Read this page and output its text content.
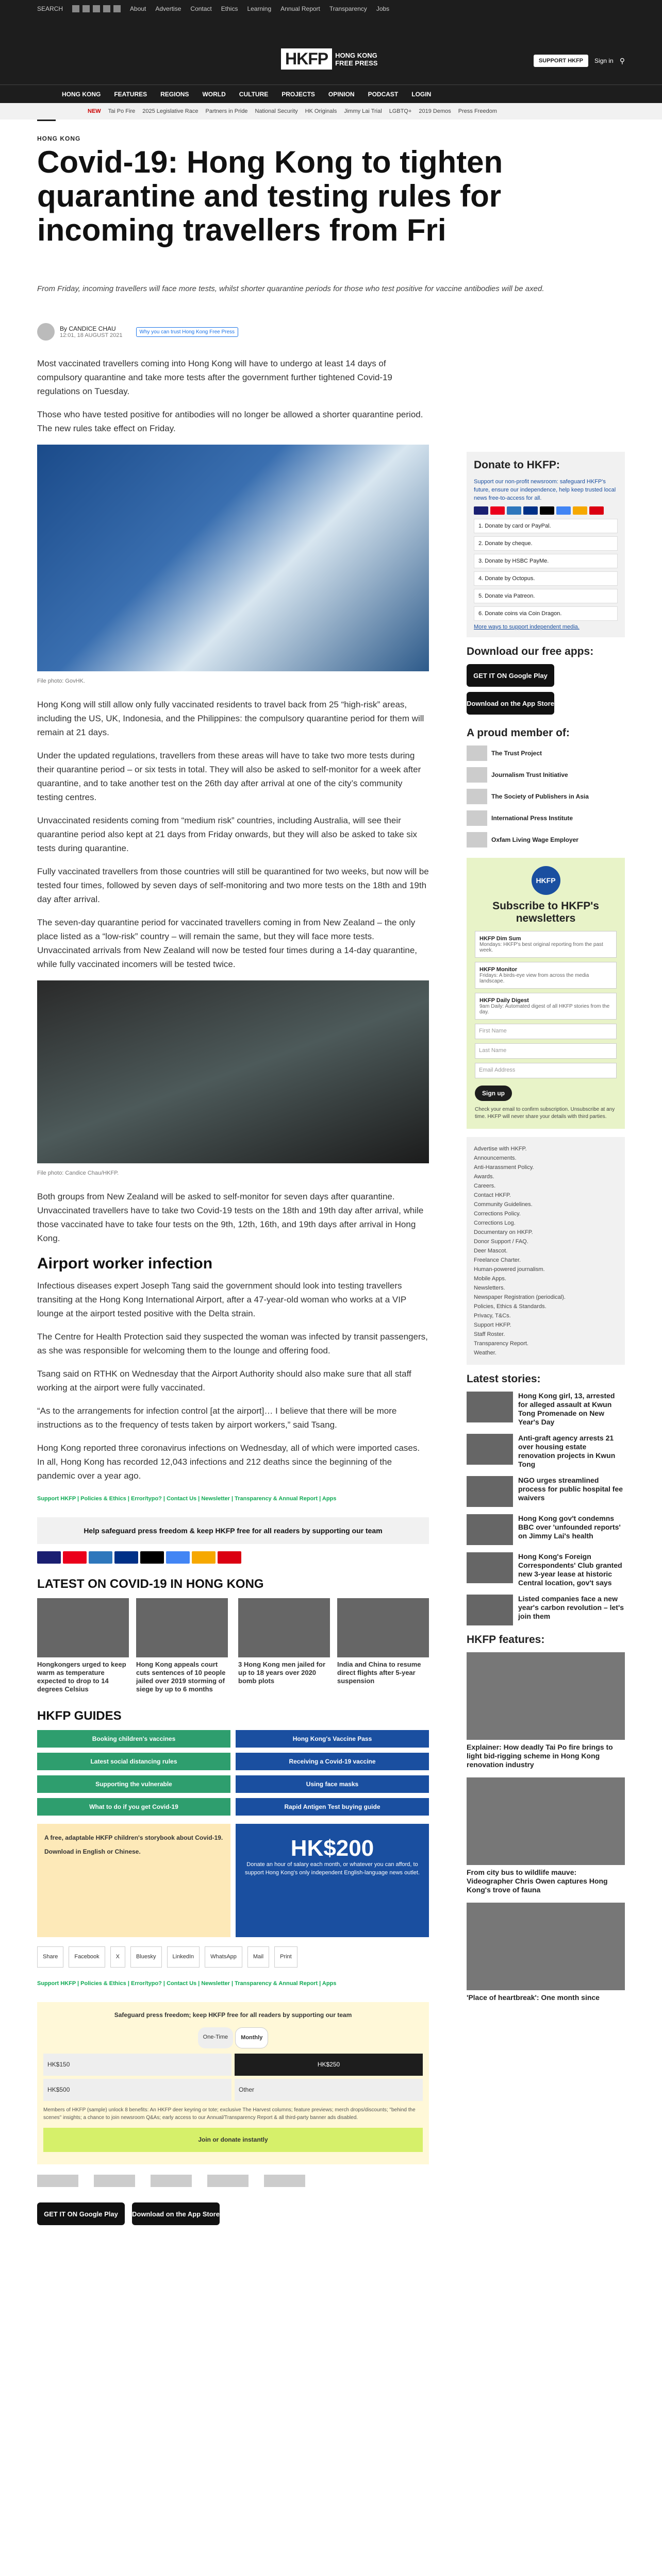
SEARCH	About Advertise Contact Ethics Learning Annual Report Transparency Jobs
HKFP	HONG KONG
FREE PRESS	SUPPORT HKFP	Sign in ⚲
HONG KONG FEATURES REGIONS WORLD CULTURE PROJECTS OPINION PODCAST LOGIN
NEW Tai Po Fire 2025 Legislative Race Partners in Pride National Security HK Originals Jimmy Lai Trial LGBTQ+ 2019 Demos Press Freedom
HONG KONG
Covid-19: Hong Kong to tighten quarantine and testing rules for incoming travellers from Fri
From Friday, incoming travellers will face more tests, whilst shorter quarantine periods for those who test positive for vaccine antibodies will be axed.
By CANDICE CHAU
12:01, 18 AUGUST 2021
Why you can trust Hong Kong Free Press

Most vaccinated travellers coming into Hong Kong will have to undergo at least 14 days of compulsory quarantine and take more tests after the government further tightened Covid-19 regulations on Tuesday.

Those who have tested positive for antibodies will no longer be allowed a shorter quarantine period. The new rules take effect on Friday.

File photo: GovHK.

Hong Kong will still allow only fully vaccinated residents to travel back from 25 “high-risk” areas, including the US, UK, Indonesia, and the Philippines: the compulsory quarantine period for them will remain at 21 days.

Under the updated regulations, travellers from these areas will have to take two more tests during their quarantine period – or six tests in total. They will also be asked to self-monitor for a week after quarantine, and to take another test on the 26th day after arrival at one of the city’s community testing centres.

Unvaccinated residents coming from “medium risk” countries, including Australia, will see their quarantine period also kept at 21 days from Friday onwards, but they will also be asked to take six tests during quarantine.

Fully vaccinated travellers from those countries will still be quarantined for two weeks, but now will be tested four times, followed by seven days of self-monitoring and two more tests on the 18th and 19th day after arrival.

The seven-day quarantine period for vaccinated travellers coming in from New Zealand – the only place listed as a “low-risk” country – will remain the same, but they will face more tests. Unvaccinated arrivals from New Zealand will now be tested four times during a 14-day quarantine, while fully vaccinated incomers will be tested twice.

File photo: Candice Chau/HKFP.

Both groups from New Zealand will be asked to self-monitor for seven days after quarantine. Unvaccinated travellers have to take two Covid-19 tests on the 18th and 19th day after arrival, while those vaccinated have to take four tests on the 9th, 12th, 16th, and 19th days after arrival in Hong Kong.

Airport worker infection

Infectious diseases expert Joseph Tang said the government should look into testing travellers transiting at the Hong Kong International Airport, after a 47-year-old woman who works at a VIP lounge at the airport tested positive with the Delta strain.

The Centre for Health Protection said they suspected the woman was infected by transit passengers, as she was responsible for welcoming them to the lounge and offering food.

Tsang said on RTHK on Wednesday that the Airport Authority should also make sure that all staff working at the airport were fully vaccinated.

“As to the arrangements for infection control [at the airport]… I believe that there will be more instructions as to the frequency of tests taken by airport workers,” said Tsang.

Hong Kong reported three coronavirus infections on Wednesday, all of which were imported cases. In all, Hong Kong has recorded 12,043 infections and 212 deaths since the beginning of the pandemic over a year ago.

Support HKFP | Policies & Ethics | Error/typo? | Contact Us | Newsletter | Transparency & Annual Report | Apps
Help safeguard press freedom & keep HKFP free for all readers by supporting our team
LATEST ON COVID-19 IN HONG KONG
Hongkongers urged to keep warm as temperature expected to drop to 14 degrees Celsius
Hong Kong appeals court cuts sentences of 10 people jailed over 2019 storming of siege by up to 6 months
3 Hong Kong men jailed for up to 18 years over 2020 bomb plots
India and China to resume direct flights after 5-year suspension
HKFP GUIDES
Booking children's vaccines	Hong Kong's Vaccine Pass
Latest social distancing rules	Receiving a Covid-19 vaccine
Supporting the vulnerable	Using face masks
What to do if you get Covid-19	Rapid Antigen Test buying guide
A free, adaptable HKFP children's storybook about Covid-19. Download in English or Chinese.	HK$200
Donate an hour of salary each month, or whatever you can afford, to support Hong Kong's only independent English-language news outlet.
Share	Facebook	X	Bluesky	LinkedIn	WhatsApp	Mail	Print
Support HKFP | Policies & Ethics | Error/typo? | Contact Us | Newsletter | Transparency & Annual Report | Apps
Safeguard press freedom; keep HKFP free for all readers by supporting our team
One-Time	Monthly
HK$150	HK$250
HK$500	Other
Members of HKFP (sample) unlock 8 benefits: An HKFP deer keyring or tote; exclusive The Harvest columns; feature previews; merch drops/discounts; "behind the scenes" insights; a chance to join newsroom Q&As; early access to our Annual/Transparency Report & all third-party banner ads disabled.
Join or donate instantly
GET IT ON Google Play	Download on the App Store
Donate to HKFP:
Support our non-profit newsroom: safeguard HKFP's future, ensure our independence, help keep trusted local news free-to-access for all.
1. Donate by card or PayPal.
2. Donate by cheque.
3. Donate by HSBC PayMe.
4. Donate by Octopus.
5. Donate via Patreon.
6. Donate coins via Coin Dragon.
More ways to support independent media.
Download our free apps:
GET IT ON Google Play
Download on the App Store
A proud member of:
The Trust Project
Journalism Trust Initiative
The Society of Publishers in Asia
International Press Institute
Oxfam Living Wage Employer
HKFP
Subscribe to HKFP's newsletters
HKFP Dim Sum
Mondays: HKFP's best original reporting from the past week.
HKFP Monitor
Fridays: A birds-eye view from across the media landscape.
HKFP Daily Digest
9am Daily: Automated digest of all HKFP stories from the day.
First Name
Last Name
Email Address
Sign up
Check your email to confirm subscription. Unsubscribe at any time. HKFP will never share your details with third parties.
Advertise with HKFP.
Announcements.
Anti-Harassment Policy.
Awards.
Careers.
Contact HKFP.
Community Guidelines.
Corrections Policy.
Corrections Log.
Documentary on HKFP.
Donor Support / FAQ.
Deer Mascot.
Freelance Charter.
Human-powered journalism.
Mobile Apps.
Newsletters.
Newspaper Registration (periodical).
Policies, Ethics & Standards.
Privacy, T&Cs.
Support HKFP.
Staff Roster.
Transparency Report.
Weather.
Latest stories:
Hong Kong girl, 13, arrested for alleged assault at Kwun Tong Promenade on New Year's Day
Anti-graft agency arrests 21 over housing estate renovation projects in Kwun Tong
NGO urges streamlined process for public hospital fee waivers
Hong Kong gov't condemns BBC over 'unfounded reports' on Jimmy Lai's health
Hong Kong's Foreign Correspondents' Club granted new 3-year lease at historic Central location, gov't says
Listed companies face a new year's carbon revolution – let's join them
HKFP features:
Explainer: How deadly Tai Po fire brings to light bid-rigging scheme in Hong Kong renovation industry
From city bus to wildlife mauve: Videographer Chris Owen captures Hong Kong's trove of fauna
'Place of heartbreak': One month since
